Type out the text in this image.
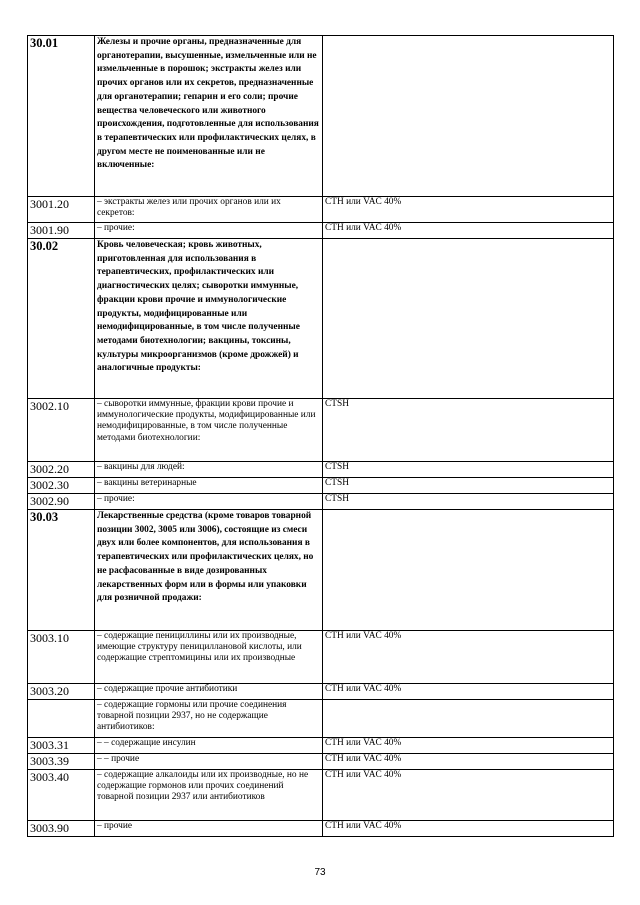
30.01	Железы и прочие органы, предназначенные для органотерапии, высушенные, измельченные или не измельченные в порошок; экстракты желез или прочих органов или их секретов, предназначенные для органотерапии; гепарин и его соли; прочие вещества человеческого или животного происхождения, подготовленные для использования в терапевтических или профилактических целях, в другом месте не поименованные или не включенные:	
3001.20	– экстракты желез или прочих органов или их секретов:	CTH или VAC 40%
3001.90	– прочие:	CTH или VAC 40%
30.02	Кровь человеческая; кровь животных, приготовленная для использования в терапевтических, профилактических или диагностических целях; сыворотки иммунные, фракции крови прочие и иммунологические продукты, модифицированные или немодифицированные, в том числе полученные методами биотехнологии; вакцины, токсины, культуры микроорганизмов (кроме дрожжей) и аналогичные продукты:	
3002.10	– сыворотки иммунные, фракции крови прочие и иммунологические продукты, модифицированные или немодифицированные, в том числе полученные методами биотехнологии:	CTSH
3002.20	– вакцины для людей:	CTSH
3002.30	– вакцины ветеринарные	CTSH
3002.90	– прочие:	CTSH
30.03	Лекарственные средства (кроме товаров товарной позиции 3002, 3005 или 3006), состоящие из смеси двух или более компонентов, для использования в терапевтических или профилактических целях, но не расфасованные в виде дозированных лекарственных форм или в формы или упаковки для розничной продажи:	
3003.10	– содержащие пенициллины или их производные, имеющие структуру пенициллановой кислоты, или содержащие стрептомицины или их производные	CTH или VAC 40%
3003.20	– содержащие прочие антибиотики	CTH или VAC 40%
	– содержащие гормоны или прочие соединения товарной позиции 2937, но не содержащие антибиотиков:	
3003.31	– – содержащие инсулин	CTH или VAC 40%
3003.39	– – прочие	CTH или VAC 40%
3003.40	– содержащие алкалоиды или их производные, но не содержащие гормонов или прочих соединений товарной позиции 2937 или антибиотиков	CTH или VAC 40%
3003.90	– прочие	CTH или VAC 40%
73
